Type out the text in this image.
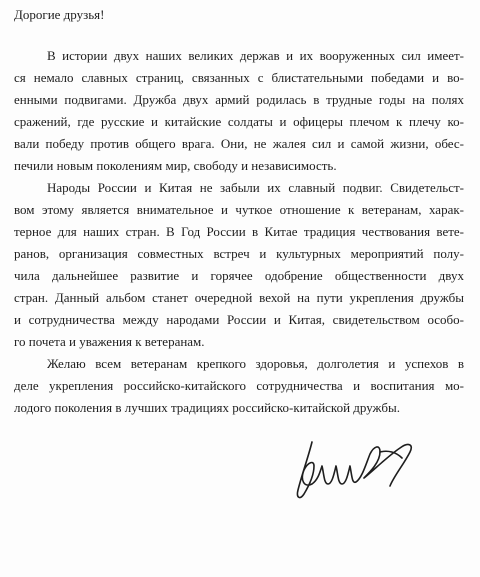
Дорогие друзья!
В истории двух наших великих держав и их вооруженных сил имеет-
ся немало славных страниц, связанных с блистательными победами и во-
енными подвигами. Дружба двух армий родилась в трудные годы на полях
сражений, где русские и китайские солдаты и офицеры плечом к плечу ко-
вали победу против общего врага. Они, не жалея сил и самой жизни, обес-
печили новым поколениям мир, свободу и независимость.
Народы России и Китая не забыли их славный подвиг. Свидетельст-
вом этому является внимательное и чуткое отношение к ветеранам, харак-
терное для наших стран. В Год России в Китае традиция чествования вете-
ранов, организация совместных встреч и культурных мероприятий полу-
чила дальнейшее развитие и горячее одобрение общественности двух
стран. Данный альбом станет очередной вехой на пути укрепления дружбы
и сотрудничества между народами России и Китая, свидетельством особо-
го почета и уважения к ветеранам.
Желаю всем ветеранам крепкого здоровья, долголетия и успехов в
деле укрепления российско-китайского сотрудничества и воспитания мо-
лодого поколения в лучших традициях российско-китайской дружбы.
